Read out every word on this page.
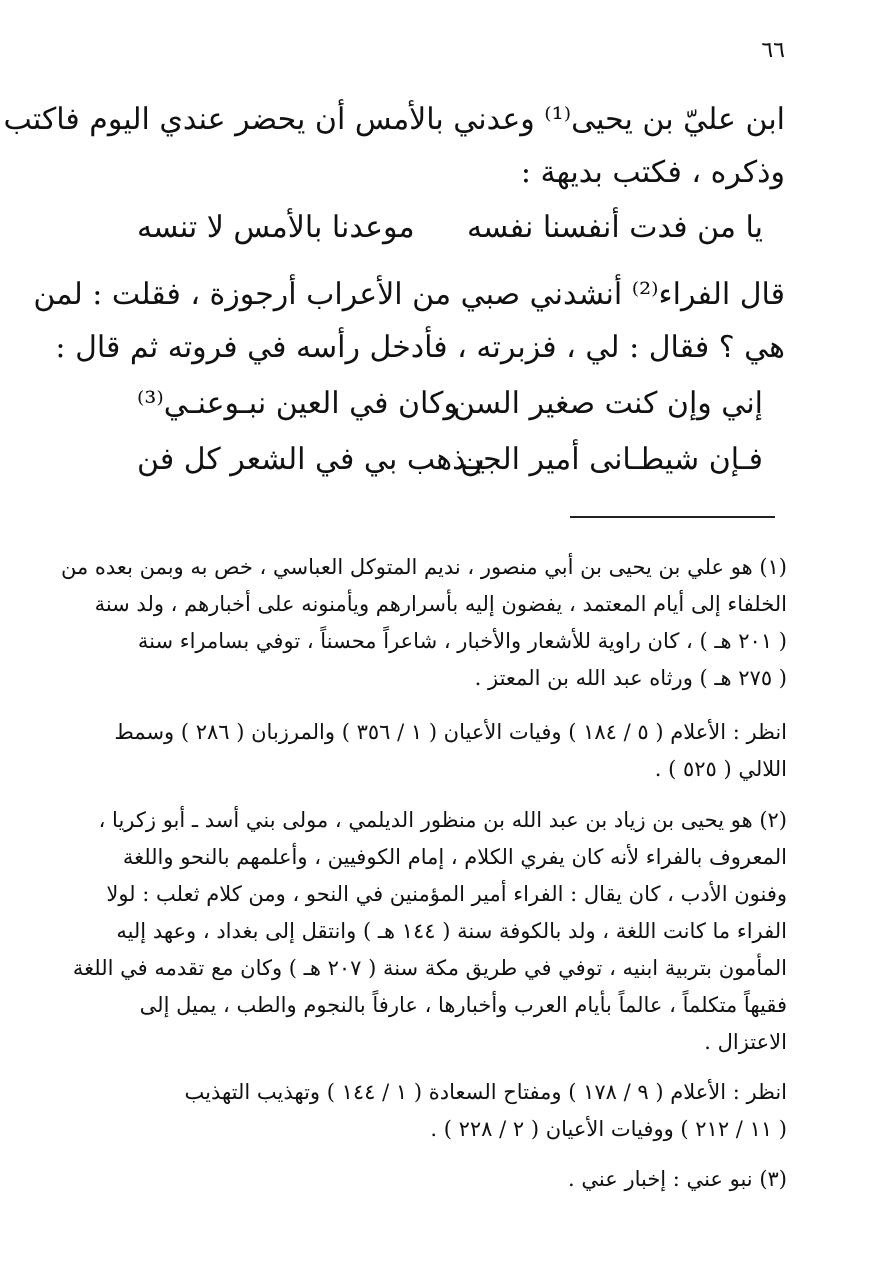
٦٦
ابن عليّ بن يحيى⁽¹⁾ وعدني بالأمس أن يحضر عندي اليوم فاكتب
وذكره ، فكتب بديهة :
يا من فدت أنفسنا نفسه
موعدنا بالأمس لا تنسه
قال الفراء⁽²⁾ أنشدني صبي من الأعراب أرجوزة ، فقلت : لمن
هي ؟ فقال : لي ، فزبرته ، فأدخل رأسه في فروته ثم قال :
إني وإن كنت صغير السن
وكان في العين نبـوعنـي⁽³⁾
فـإن شيطـانى أمير الجن
يـذهب بي في الشعر كل فن
(١) هو علي بن يحيى بن أبي منصور ، نديم المتوكل العباسي ، خص به وبمن بعده من
الخلفاء إلى أيام المعتمد ، يفضون إليه بأسرارهم ويأمنونه على أخبارهم ، ولد سنة
( ٢٠١ هـ ) ، كان راوية للأشعار والأخبار ، شاعراً محسناً ، توفي بسامراء سنة
( ٢٧٥ هـ ) ورثاه عبد الله بن المعتز .
انظر : الأعلام ( ٥ / ١٨٤ ) وفيات الأعيان ( ١ / ٣٥٦ ) والمرزبان ( ٢٨٦ ) وسمط
اللالي ( ٥٢٥ ) .
(٢) هو يحيى بن زياد بن عبد الله بن منظور الديلمي ، مولى بني أسد ـ أبو زكريا ،
المعروف بالفراء لأنه كان يفري الكلام ، إمام الكوفيين ، وأعلمهم بالنحو واللغة
وفنون الأدب ، كان يقال : الفراء أمير المؤمنين في النحو ، ومن كلام ثعلب : لولا
الفراء ما كانت اللغة ، ولد بالكوفة سنة ( ١٤٤ هـ ) وانتقل إلى بغداد ، وعهد إليه
المأمون بتربية ابنيه ، توفي في طريق مكة سنة ( ٢٠٧ هـ ) وكان مع تقدمه في اللغة
فقيهاً متكلماً ، عالماً بأيام العرب وأخبارها ، عارفاً بالنجوم والطب ، يميل إلى
الاعتزال .
انظر : الأعلام ( ٩ / ١٧٨ ) ومفتاح السعادة ( ١ / ١٤٤ ) وتهذيب التهذيب
( ١١ / ٢١٢ ) ووفيات الأعيان ( ٢ / ٢٢٨ ) .
(٣) نبو عني : إخبار عني .
